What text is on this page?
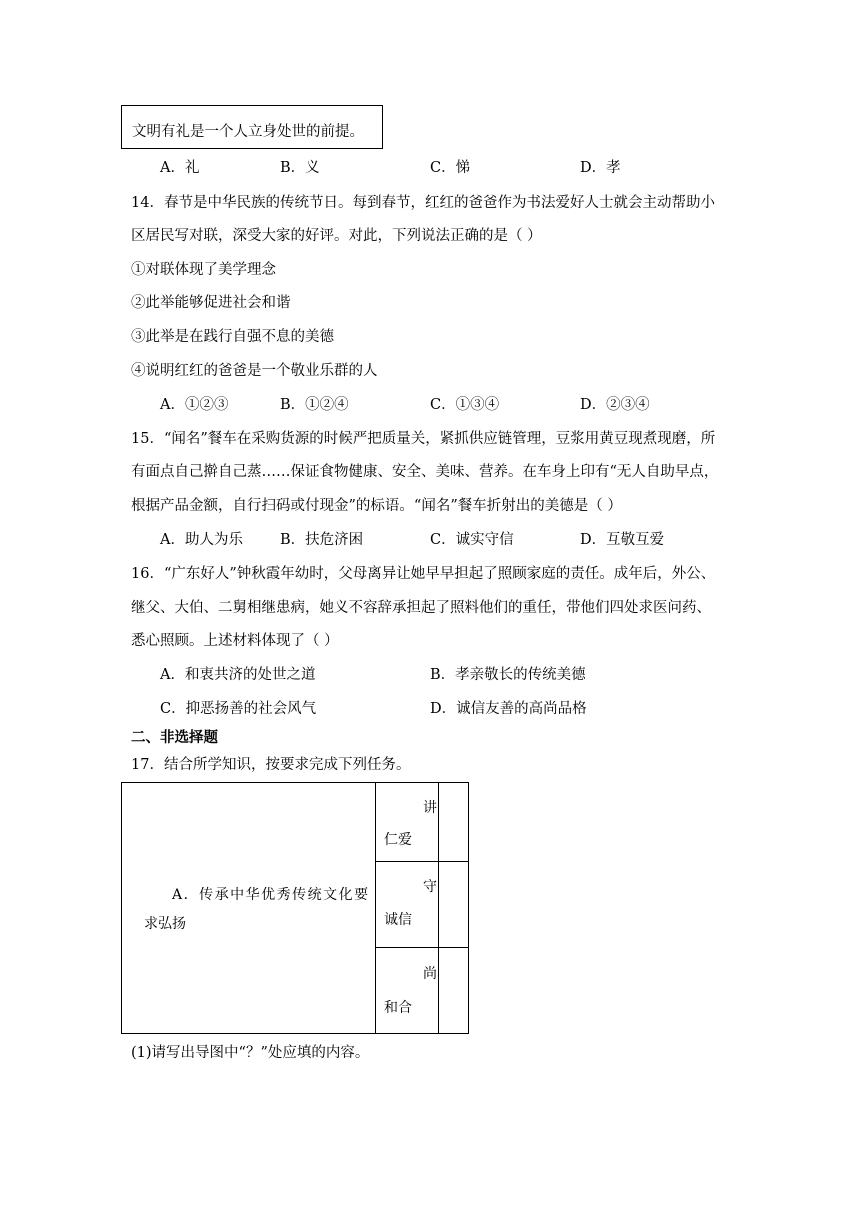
文明有礼是一个人立身处世的前提。
A．礼	B．义	C．悌	D．孝
14．春节是中华民族的传统节日。每到春节，红红的爸爸作为书法爱好人士就会主动帮助小
区居民写对联，深受大家的好评。对此，下列说法正确的是（ ）
①对联体现了美学理念
②此举能够促进社会和谐
③此举是在践行自强不息的美德
④说明红红的爸爸是一个敬业乐群的人
A．①②③	B．①②④	C．①③④	D．②③④
15．“闻名”餐车在采购货源的时候严把质量关，紧抓供应链管理，豆浆用黄豆现煮现磨，所
有面点自己擀自己蒸……保证食物健康、安全、美味、营养。在车身上印有“无人自助早点，
根据产品金额，自行扫码或付现金”的标语。“闻名”餐车折射出的美德是（ ）
A．助人为乐	B．扶危济困	C．诚实守信	D．互敬互爱
16．“广东好人”钟秋霞年幼时，父母离异让她早早担起了照顾家庭的责任。成年后，外公、
继父、大伯、二舅相继患病，她义不容辞承担起了照料他们的重任，带他们四处求医问药、
悉心照顾。上述材料体现了（ ）
A．和衷共济的处世之道	B．孝亲敬长的传统美德
C．抑恶扬善的社会风气	D．诚信友善的高尚品格
二、非选择题
17．结合所学知识，按要求完成下列任务。
A．传承中华优秀传统文化要
求弘扬
讲
仁爱
守
诚信
尚
和合
(1)请写出导图中“？”处应填的内容。
